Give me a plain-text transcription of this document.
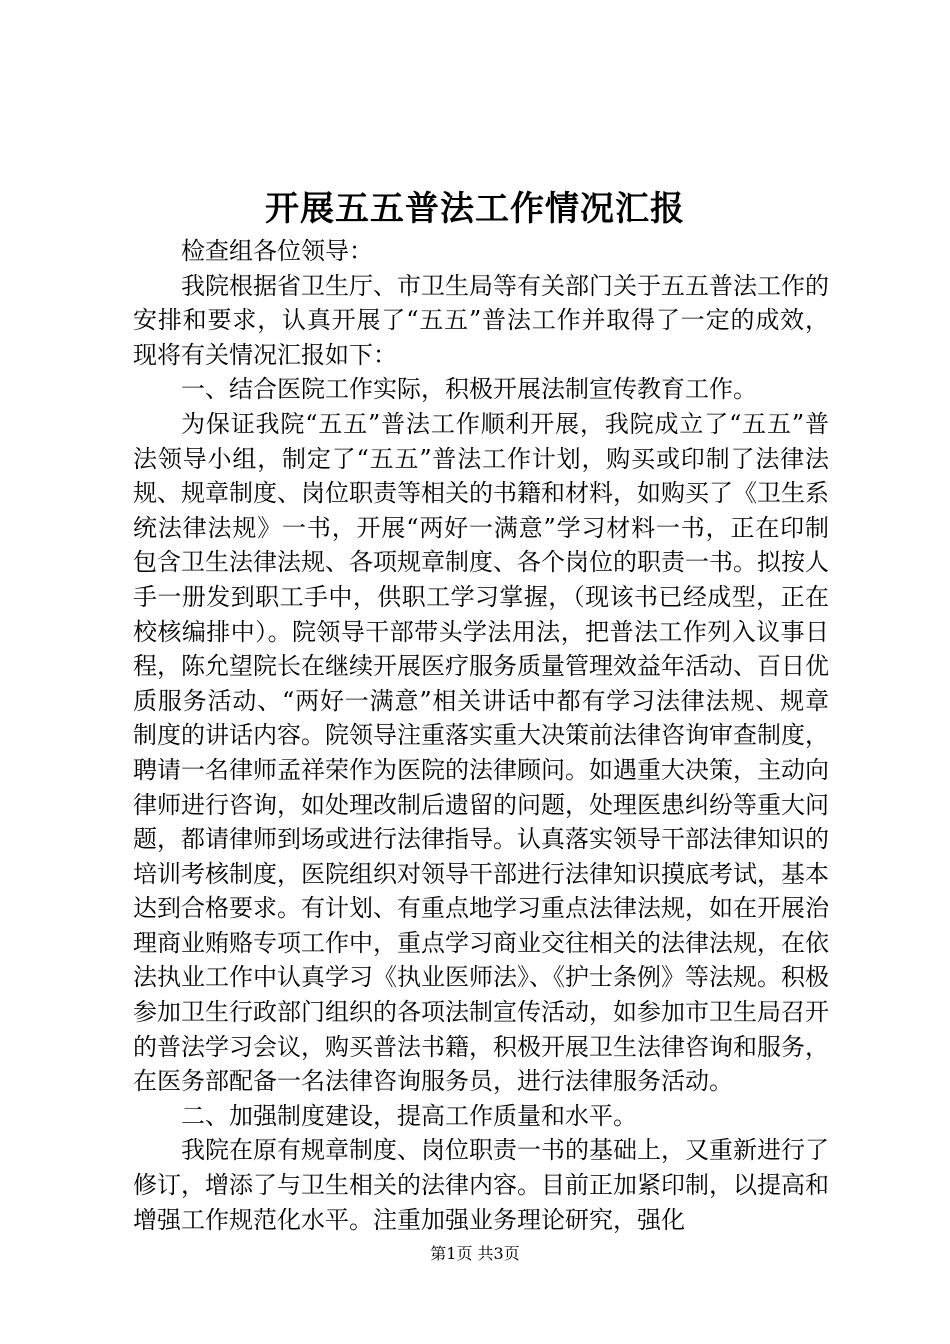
开展五五普法工作情况汇报

检查组各位领导：

我院根据省卫生厅、市卫生局等有关部门关于五五普法工作的安排和要求，认真开展了“五五”普法工作并取得了一定的成效，现将有关情况汇报如下：

一、结合医院工作实际，积极开展法制宣传教育工作。

为保证我院“五五”普法工作顺利开展，我院成立了“五五”普法领导小组，制定了“五五”普法工作计划，购买或印制了法律法规、规章制度、岗位职责等相关的书籍和材料，如购买了《卫生系统法律法规》一书，开展“两好一满意”学习材料一书，正在印制包含卫生法律法规、各项规章制度、各个岗位的职责一书。拟按人手一册发到职工手中，供职工学习掌握，（现该书已经成型，正在校核编排中）。院领导干部带头学法用法，把普法工作列入议事日程，陈允望院长在继续开展医疗服务质量管理效益年活动、百日优质服务活动、“两好一满意”相关讲话中都有学习法律法规、规章制度的讲话内容。院领导注重落实重大决策前法律咨询审查制度，聘请一名律师孟祥荣作为医院的法律顾问。如遇重大决策，主动向律师进行咨询，如处理改制后遗留的问题，处理医患纠纷等重大问题，都请律师到场或进行法律指导。认真落实领导干部法律知识的培训考核制度，医院组织对领导干部进行法律知识摸底考试，基本达到合格要求。有计划、有重点地学习重点法律法规，如在开展治理商业贿赂专项工作中，重点学习商业交往相关的法律法规，在依法执业工作中认真学习《执业医师法》、《护士条例》等法规。积极参加卫生行政部门组织的各项法制宣传活动，如参加市卫生局召开的普法学习会议，购买普法书籍，积极开展卫生法律咨询和服务，在医务部配备一名法律咨询服务员，进行法律服务活动。

二、加强制度建设，提高工作质量和水平。

我院在原有规章制度、岗位职责一书的基础上，又重新进行了修订，增添了与卫生相关的法律内容。目前正加紧印制，以提高和增强工作规范化水平。注重加强业务理论研究，强化

第1页 共3页
